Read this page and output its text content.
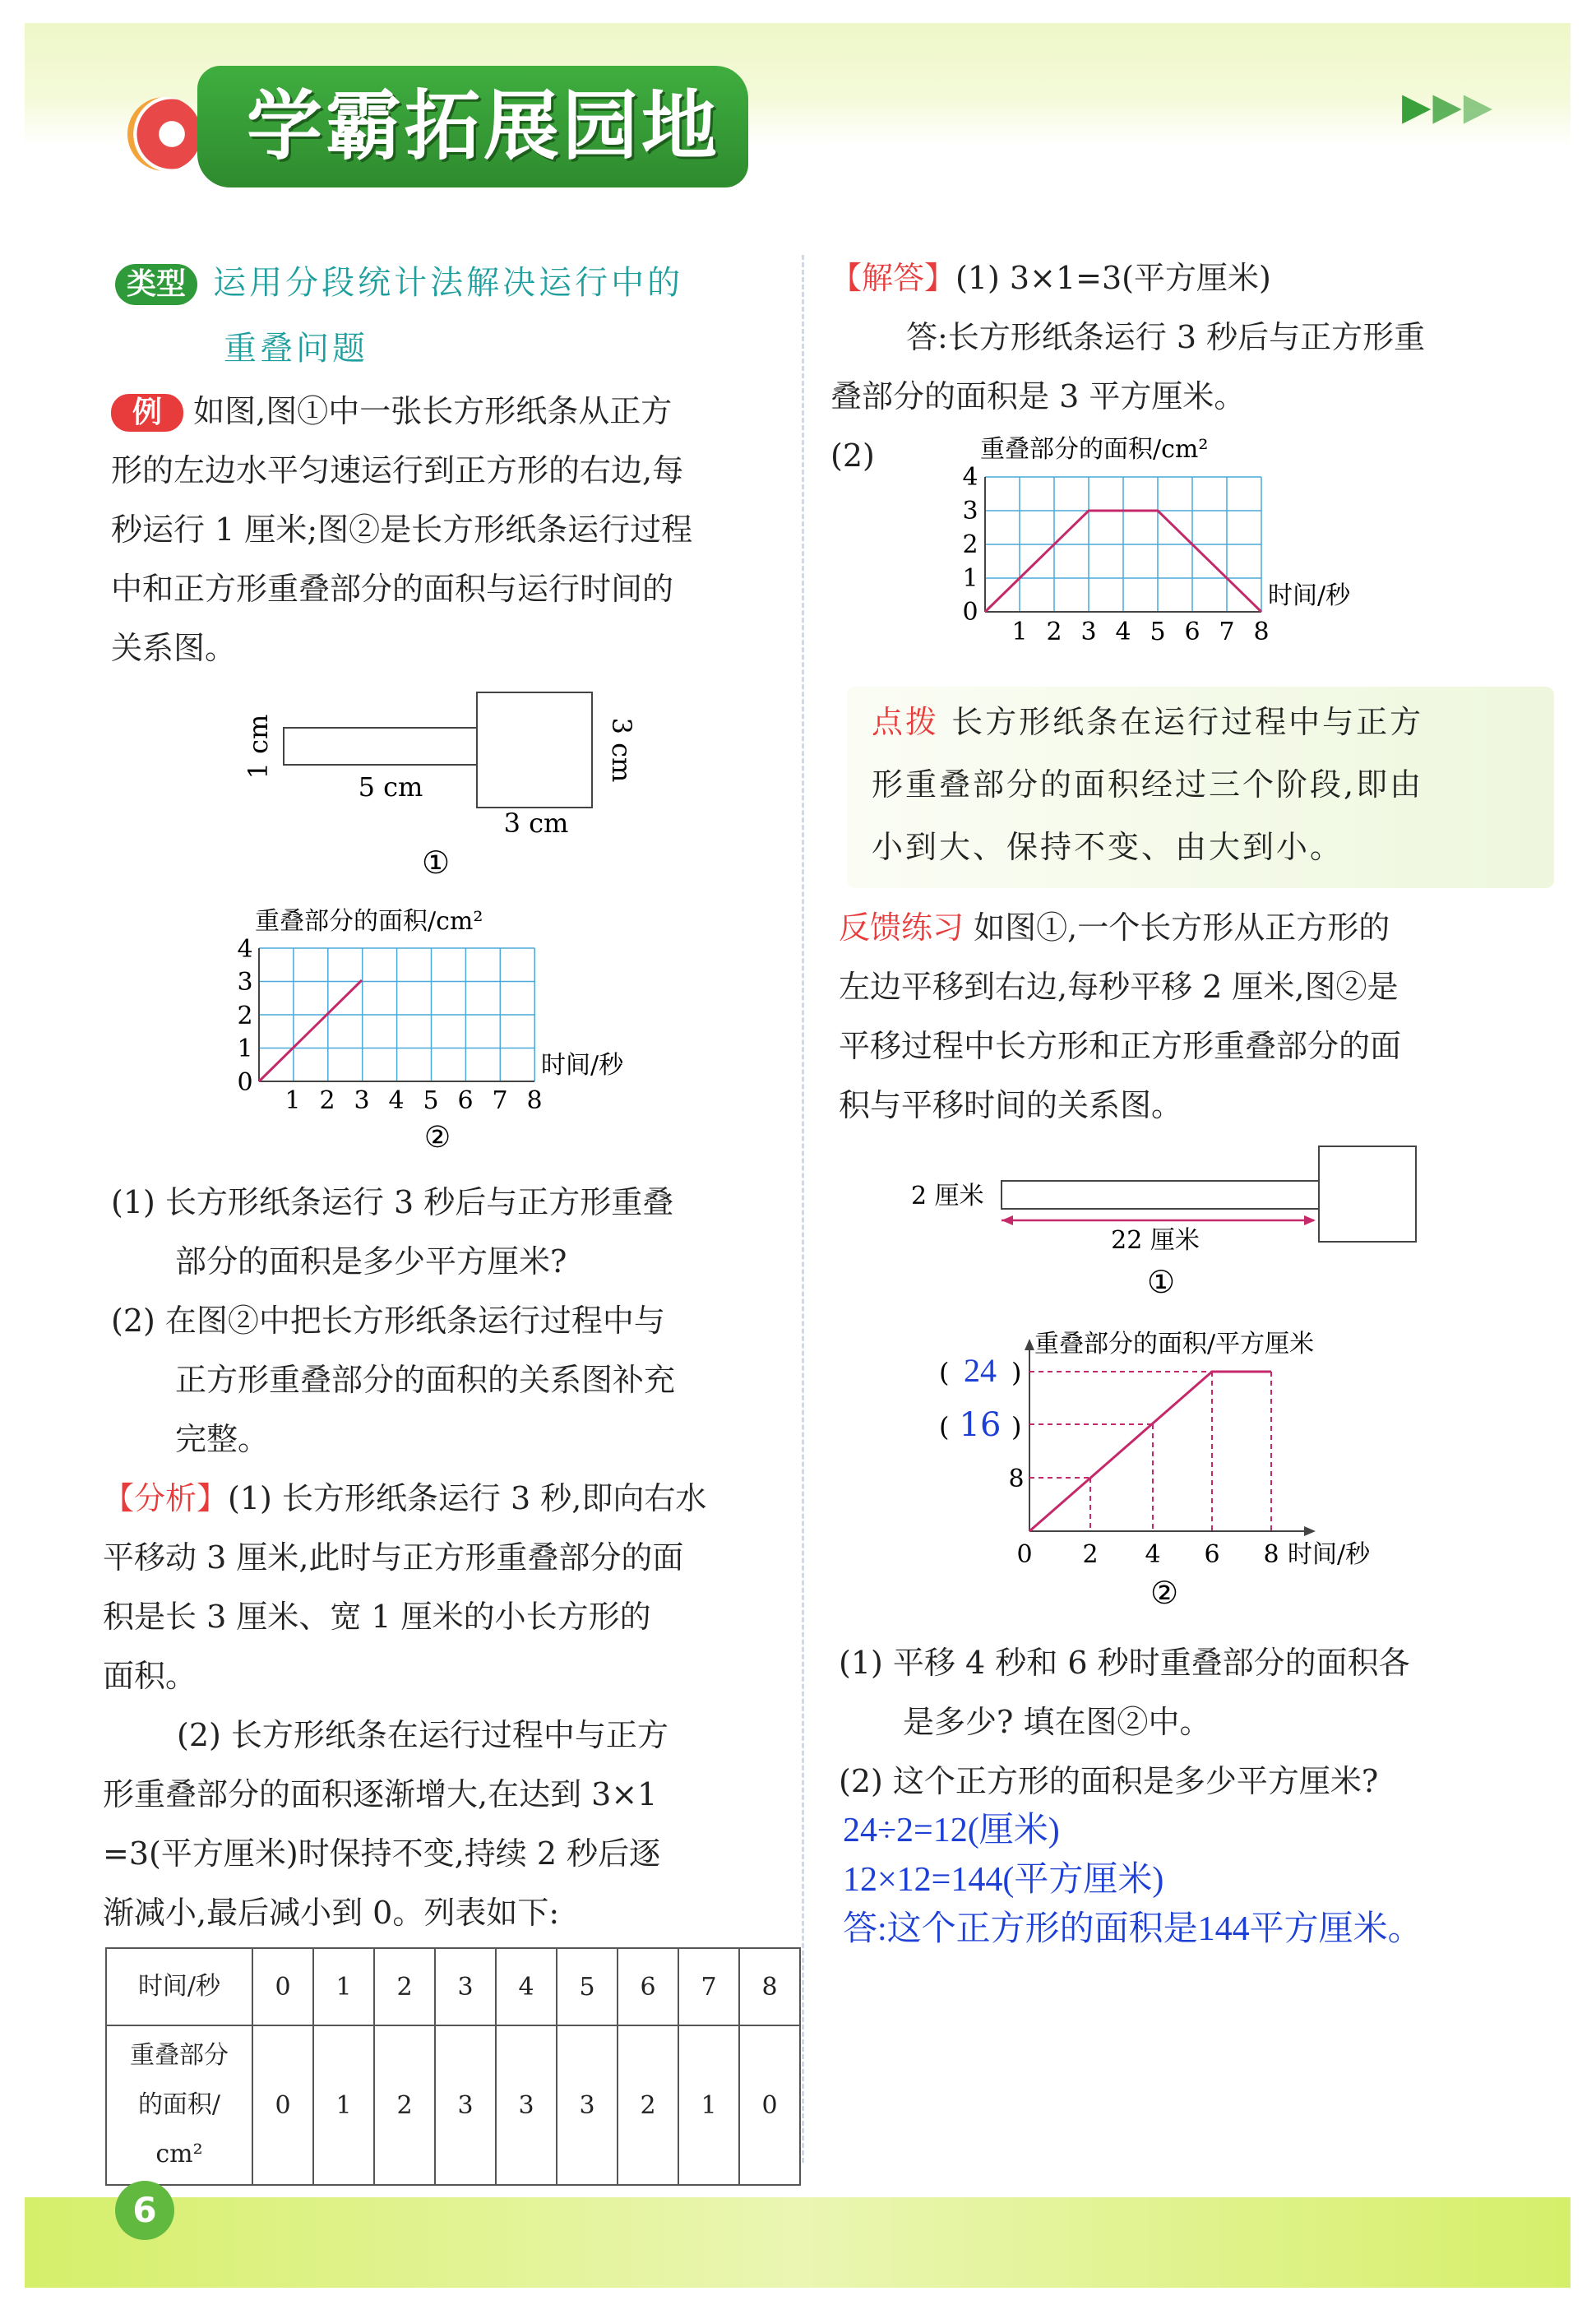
学霸拓展园地	▶▶▶
类型 运用分段统计法解决运行中的
重叠问题
例 如图,图①中一张长方形纸条从正方
形的左边水平匀速运行到正方形的右边,每
秒运行 1 厘米;图②是长方形纸条运行过程
中和正方形重叠部分的面积与运行时间的
关系图。
1 cm
5 cm
3 cm
3 cm
①
重叠部分的面积/cm²
0
1
2
3
4
1 2 3 4 5 6 7 8
时间/秒
②
(1) 长方形纸条运行 3 秒后与正方形重叠
部分的面积是多少平方厘米?
(2) 在图②中把长方形纸条运行过程中与
正方形重叠部分的面积的关系图补充
完整。
【分析】(1) 长方形纸条运行 3 秒,即向右水
平移动 3 厘米,此时与正方形重叠部分的面
积是长 3 厘米、宽 1 厘米的小长方形的
面积。
(2) 长方形纸条在运行过程中与正方
形重叠部分的面积逐渐增大,在达到 3×1
=3(平方厘米)时保持不变,持续 2 秒后逐
渐减小,最后减小到 0。列表如下:
时间/秒	0	1	2	3	4	5	6	7	8

重叠部分
的面积/
cm²	0	1	2	3	3	3	2	1	0
【解答】(1) 3×1=3(平方厘米)
答:长方形纸条运行 3 秒后与正方形重
叠部分的面积是 3 平方厘米。
(2)	重叠部分的面积/cm²
0
1
2
3
4
1 2 3 4 5 6 7 8
时间/秒
点拨 长方形纸条在运行过程中与正方
形重叠部分的面积经过三个阶段,即由
小到大、保持不变、由大到小。
反馈练习 如图①,一个长方形从正方形的
左边平移到右边,每秒平移 2 厘米,图②是
平移过程中长方形和正方形重叠部分的面
积与平移时间的关系图。
2 厘米
22 厘米
①
重叠部分的面积/平方厘米
( 24 )
( 16 )
8
0 2 4 6 8 时间/秒
②
(1) 平移 4 秒和 6 秒时重叠部分的面积各
是多少? 填在图②中。
(2) 这个正方形的面积是多少平方厘米?
24÷2=12(厘米)
12×12=144(平方厘米)
答:这个正方形的面积是144平方厘米。
6
